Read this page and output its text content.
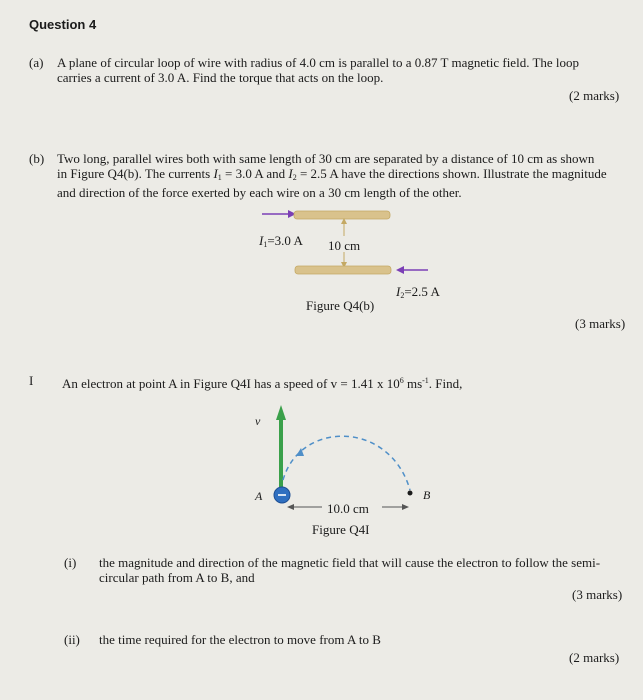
Question 4
(a) A plane of circular loop of wire with radius of 4.0 cm is parallel to a 0.87 T magnetic field. The loop
carries a current of 3.0 A. Find the torque that acts on the loop.
(2 marks)
(b) Two long, parallel wires both with same length of 30 cm are separated by a distance of 10 cm as shown
in Figure Q4(b). The currents $I_1 = 3.0$ A and $I_2 = 2.5$ A have the directions shown. Illustrate the magnitude
and direction of the force exerted by each wire on a 30 cm length of the other.
$I_1=3.0$ A 10 cm
$I_2=2.5$ A
Figure Q4(b)
(3 marks)
I An electron at point A in Figure Q4I has a speed of v = 1.41 x $10^6$ $ms^{-1}$. Find,
v
A	B
10.0 cm
Figure Q4I
(i) the magnitude and direction of the magnetic field that will cause the electron to follow the semi-
circular path from A to B, and
(3 marks)
(ii) the time required for the electron to move from A to B
(2 marks)
